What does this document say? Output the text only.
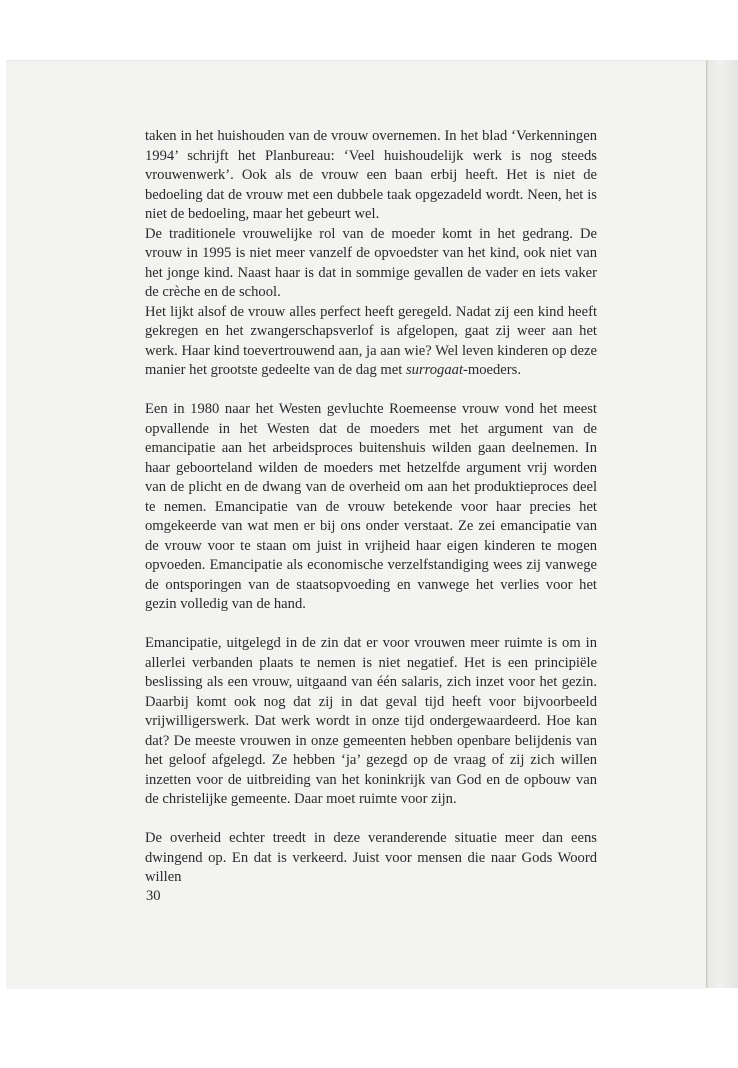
taken in het huishouden van de vrouw overnemen. In het blad ‘Verkenningen 1994’ schrijft het Planbureau: ‘Veel huishoudelijk werk is nog steeds vrouwenwerk’. Ook als de vrouw een baan erbij heeft. Het is niet de bedoeling dat de vrouw met een dubbele taak opgezadeld wordt. Neen, het is niet de bedoeling, maar het gebeurt wel.

De traditionele vrouwelijke rol van de moeder komt in het gedrang. De vrouw in 1995 is niet meer vanzelf de opvoedster van het kind, ook niet van het jonge kind. Naast haar is dat in sommige gevallen de vader en iets vaker de crèche en de school.

Het lijkt alsof de vrouw alles perfect heeft geregeld. Nadat zij een kind heeft gekregen en het zwangerschapsverlof is afgelopen, gaat zij weer aan het werk. Haar kind toevertrouwend aan, ja aan wie? Wel leven kinderen op deze manier het grootste gedeelte van de dag met surrogaat-moeders.

Een in 1980 naar het Westen gevluchte Roemeense vrouw vond het meest opvallende in het Westen dat de moeders met het argument van de emancipatie aan het arbeidsproces buitenshuis wilden gaan deelnemen. In haar geboorteland wilden de moeders met hetzelfde argument vrij worden van de plicht en de dwang van de overheid om aan het produktieproces deel te nemen. Emancipatie van de vrouw betekende voor haar precies het omgekeerde van wat men er bij ons onder verstaat. Ze zei emancipatie van de vrouw voor te staan om juist in vrijheid haar eigen kinderen te mogen opvoeden. Emancipatie als economische verzelfstandiging wees zij vanwege de ontsporingen van de staatsopvoeding en vanwege het verlies voor het gezin volledig van de hand.

Emancipatie, uitgelegd in de zin dat er voor vrouwen meer ruimte is om in allerlei verbanden plaats te nemen is niet negatief. Het is een principiële beslissing als een vrouw, uitgaand van één salaris, zich inzet voor het gezin. Daarbij komt ook nog dat zij in dat geval tijd heeft voor bijvoorbeeld vrijwilligerswerk. Dat werk wordt in onze tijd ondergewaardeerd. Hoe kan dat? De meeste vrouwen in onze gemeenten hebben openbare belijdenis van het geloof afgelegd. Ze hebben ‘ja’ gezegd op de vraag of zij zich willen inzetten voor de uitbreiding van het koninkrijk van God en de opbouw van de christelijke gemeente. Daar moet ruimte voor zijn.

De overheid echter treedt in deze veranderende situatie meer dan eens dwingend op. En dat is verkeerd. Juist voor mensen die naar Gods Woord willen

30
